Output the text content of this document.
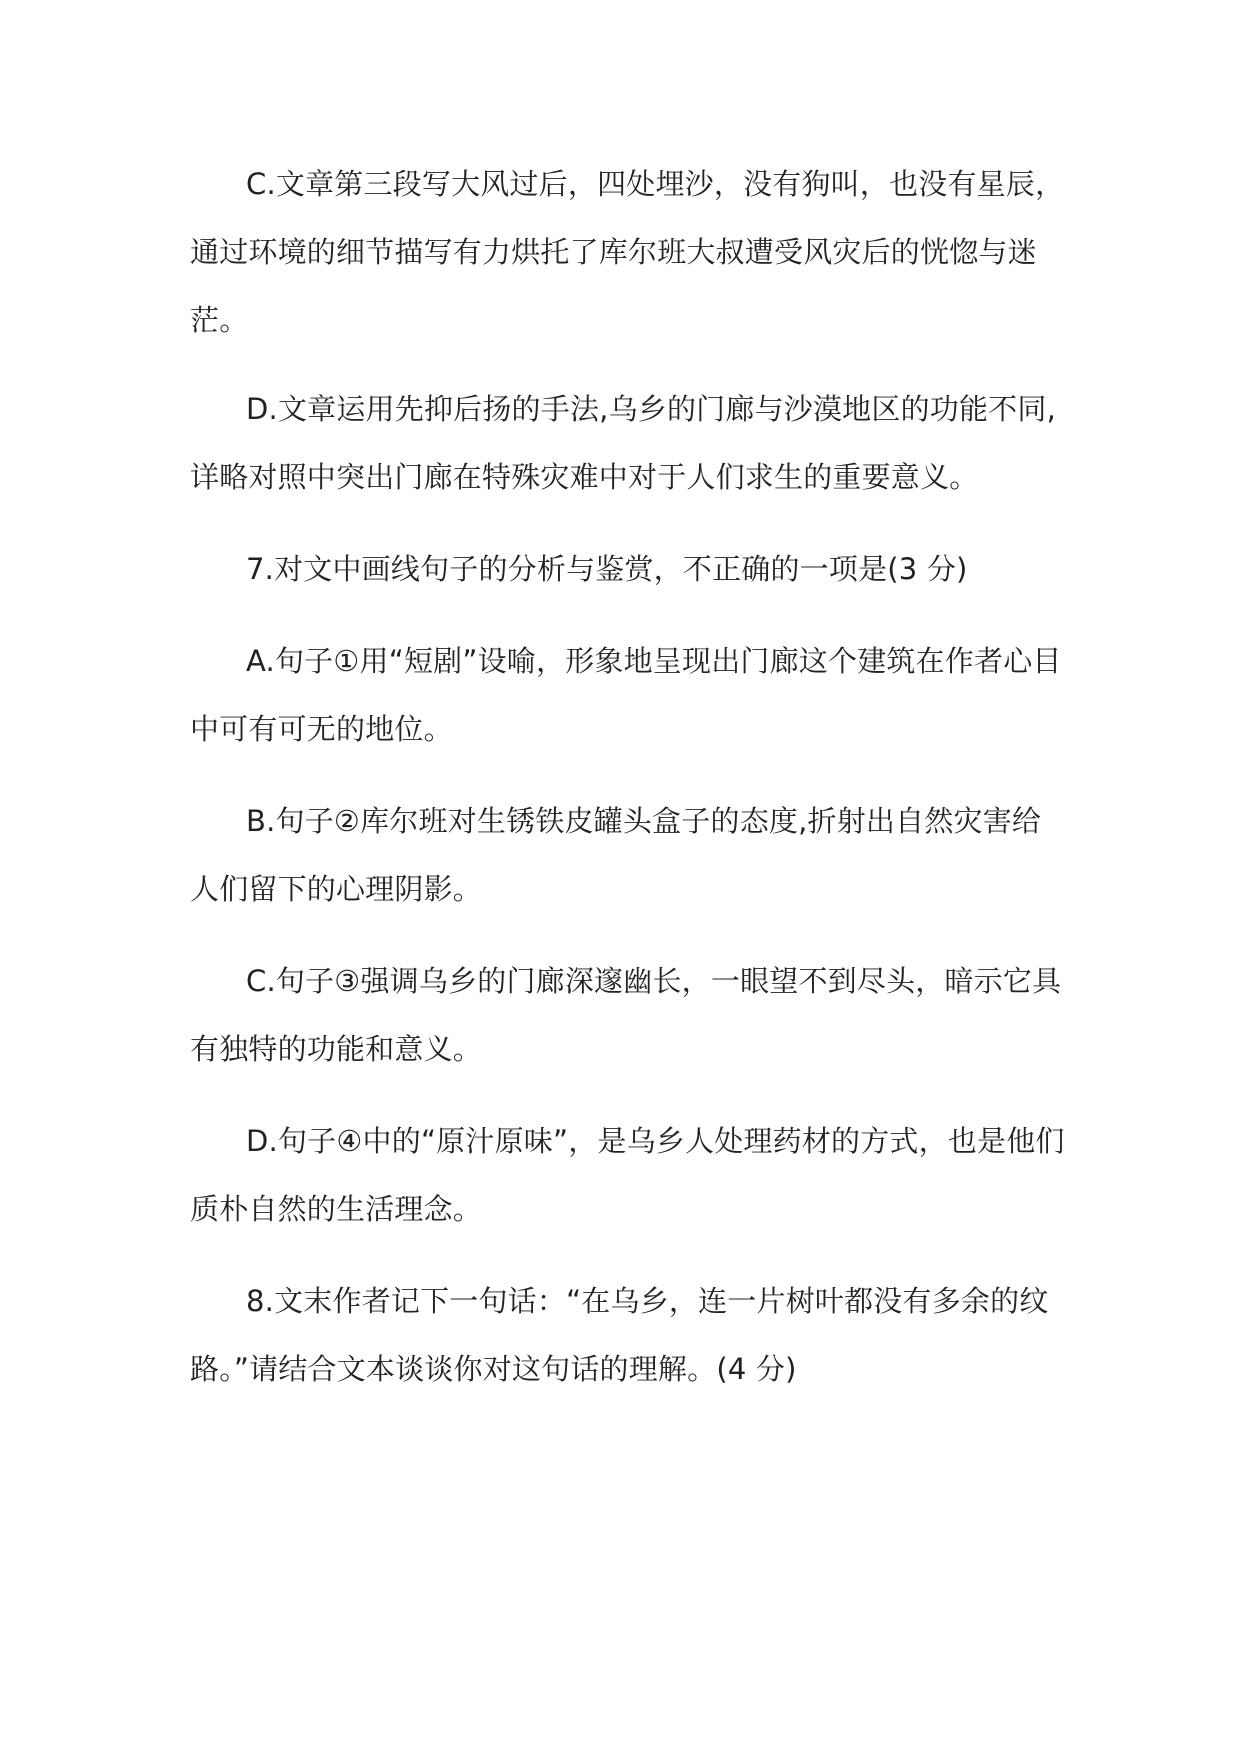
C.文章第三段写大风过后，四处埋沙，没有狗叫，也没有星辰，
通过环境的细节描写有力烘托了库尔班大叔遭受风灾后的恍惚与迷
茫。
D.文章运用先抑后扬的手法,乌乡的门廊与沙漠地区的功能不同,
详略对照中突出门廊在特殊灾难中对于人们求生的重要意义。
7.对文中画线句子的分析与鉴赏，不正确的一项是(3 分)
A.句子①用“短剧”设喻，形象地呈现出门廊这个建筑在作者心目
中可有可无的地位。
B.句子②库尔班对生锈铁皮罐头盒子的态度,折射出自然灾害给
人们留下的心理阴影。
C.句子③强调乌乡的门廊深邃幽长，一眼望不到尽头，暗示它具
有独特的功能和意义。
D.句子④中的“原汁原味”，是乌乡人处理药材的方式，也是他们
质朴自然的生活理念。
8.文末作者记下一句话：“在乌乡，连一片树叶都没有多余的纹
路。”请结合文本谈谈你对这句话的理解。(4 分)
